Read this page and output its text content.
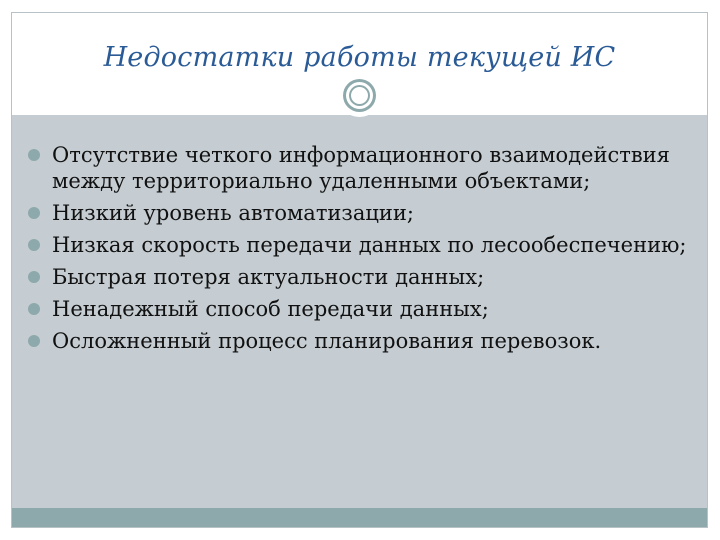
Недостатки работы текущей ИС
Отсутствие четкого информационного взаимодействия между территориально удаленными объектами;
Низкий уровень автоматизации;
Низкая скорость передачи данных по лесообеспечению;
Быстрая потеря актуальности данных;
Ненадежный способ передачи данных;
Осложненный процесс планирования перевозок.
